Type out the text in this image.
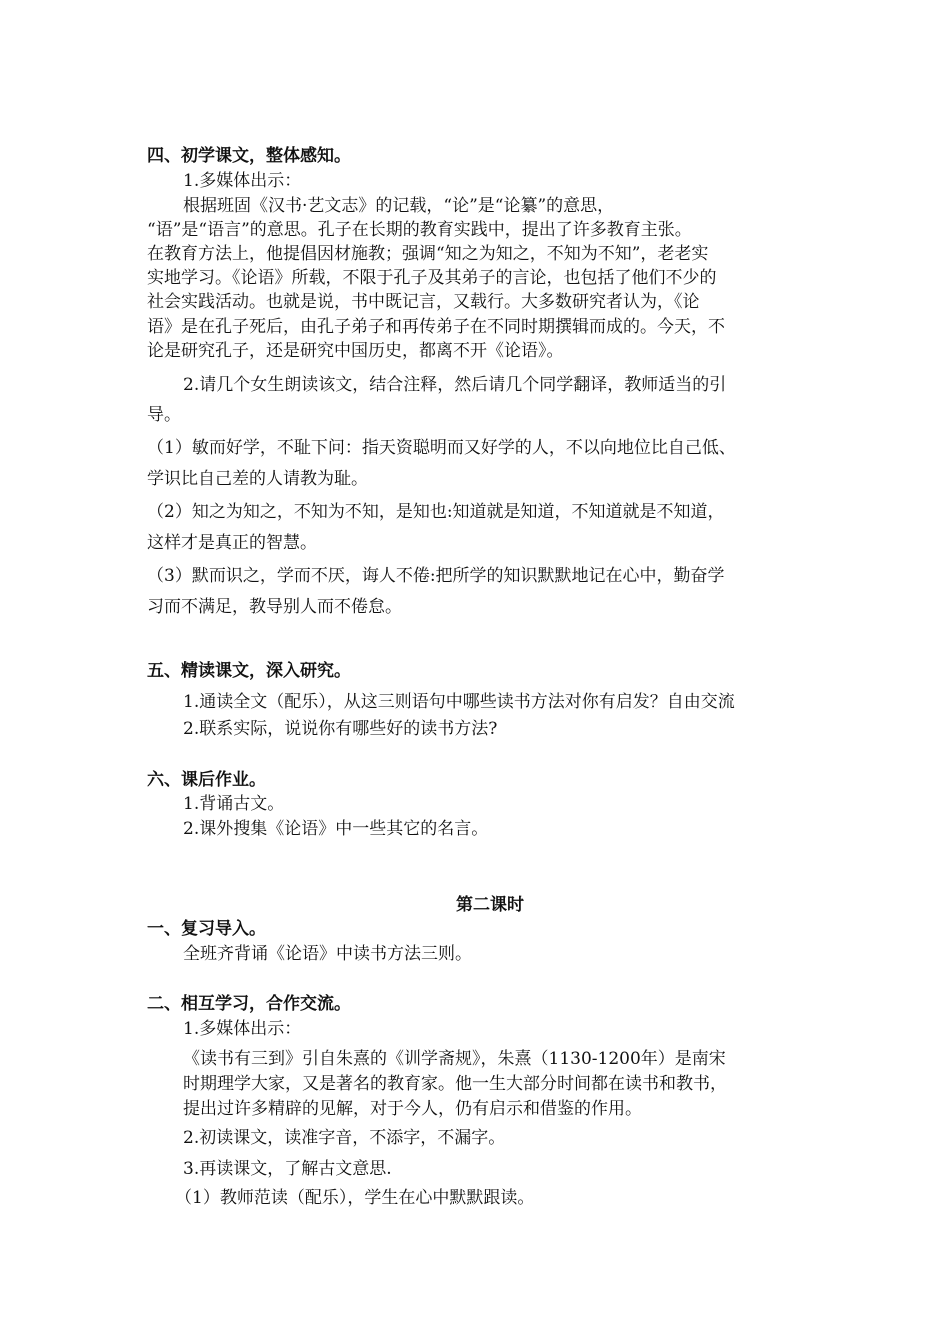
四、初学课文，整体感知。
1.多媒体出示：
根据班固《汉书·艺文志》的记载，“论”是“论纂”的意思，
“语”是“语言”的意思。孔子在长期的教育实践中，提出了许多教育主张。
在教育方法上，他提倡因材施教；强调“知之为知之，不知为不知”，老老实
实地学习。《论语》所载，不限于孔子及其弟子的言论，也包括了他们不少的
社会实践活动。也就是说，书中既记言，又载行。大多数研究者认为，《论
语》是在孔子死后，由孔子弟子和再传弟子在不同时期撰辑而成的。今天，不
论是研究孔子，还是研究中国历史，都离不开《论语》。
2.请几个女生朗读该文，结合注释，然后请几个同学翻译，教师适当的引
导。
（1）敏而好学，不耻下问：指天资聪明而又好学的人，不以向地位比自己低、
学识比自己差的人请教为耻。
（2）知之为知之，不知为不知，是知也:知道就是知道，不知道就是不知道，
这样才是真正的智慧。
（3）默而识之，学而不厌，诲人不倦:把所学的知识默默地记在心中，勤奋学
习而不满足，教导别人而不倦怠。
五、精读课文，深入研究。
1.通读全文（配乐），从这三则语句中哪些读书方法对你有启发？自由交流
2.联系实际，说说你有哪些好的读书方法?
六、课后作业。
1.背诵古文。
2.课外搜集《论语》中一些其它的名言。
第二课时
一、复习导入。
全班齐背诵《论语》中读书方法三则。
二、相互学习，合作交流。
1.多媒体出示：
《读书有三到》引自朱熹的《训学斋规》，朱熹（1130-1200年）是南宋
时期理学大家，又是著名的教育家。他一生大部分时间都在读书和教书，
提出过许多精辟的见解，对于今人，仍有启示和借鉴的作用。
2.初读课文，读准字音，不添字，不漏字。
3.再读课文，了解古文意思.
（1）教师范读（配乐），学生在心中默默跟读。
